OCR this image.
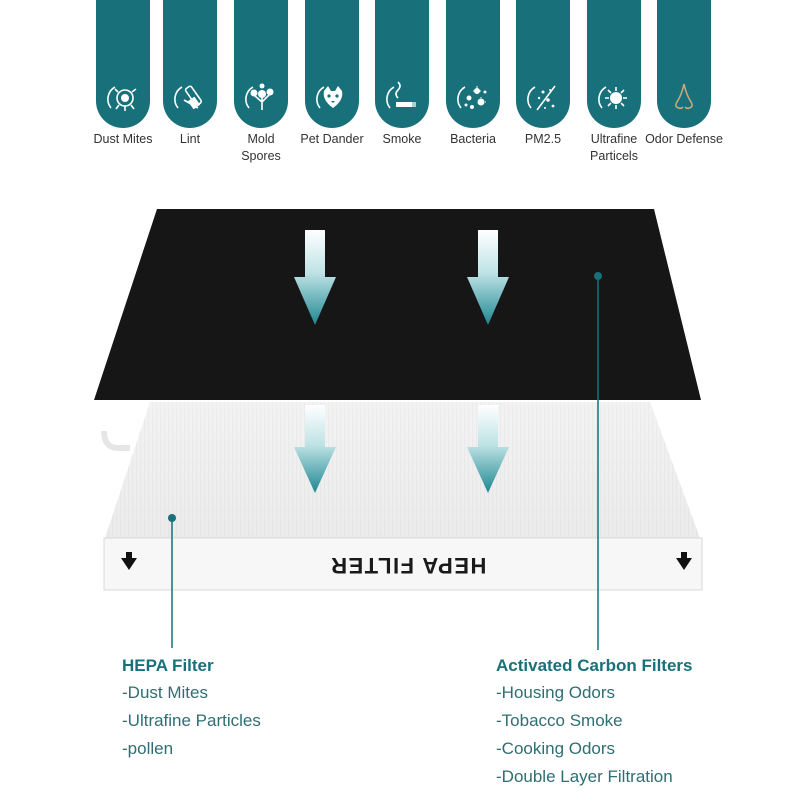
Dust Mites	Lint	Mold Spores
Pet Dander	Smoke	Bacteria	PM2.5	Ultrafine Particels
Odor Defense
HEPA FILTER
HEPA Filter
-Dust Mites
-Ultrafine Particles
-pollen
Activated Carbon Filters
-Housing Odors
-Tobacco Smoke
-Cooking Odors
-Double Layer Filtration
